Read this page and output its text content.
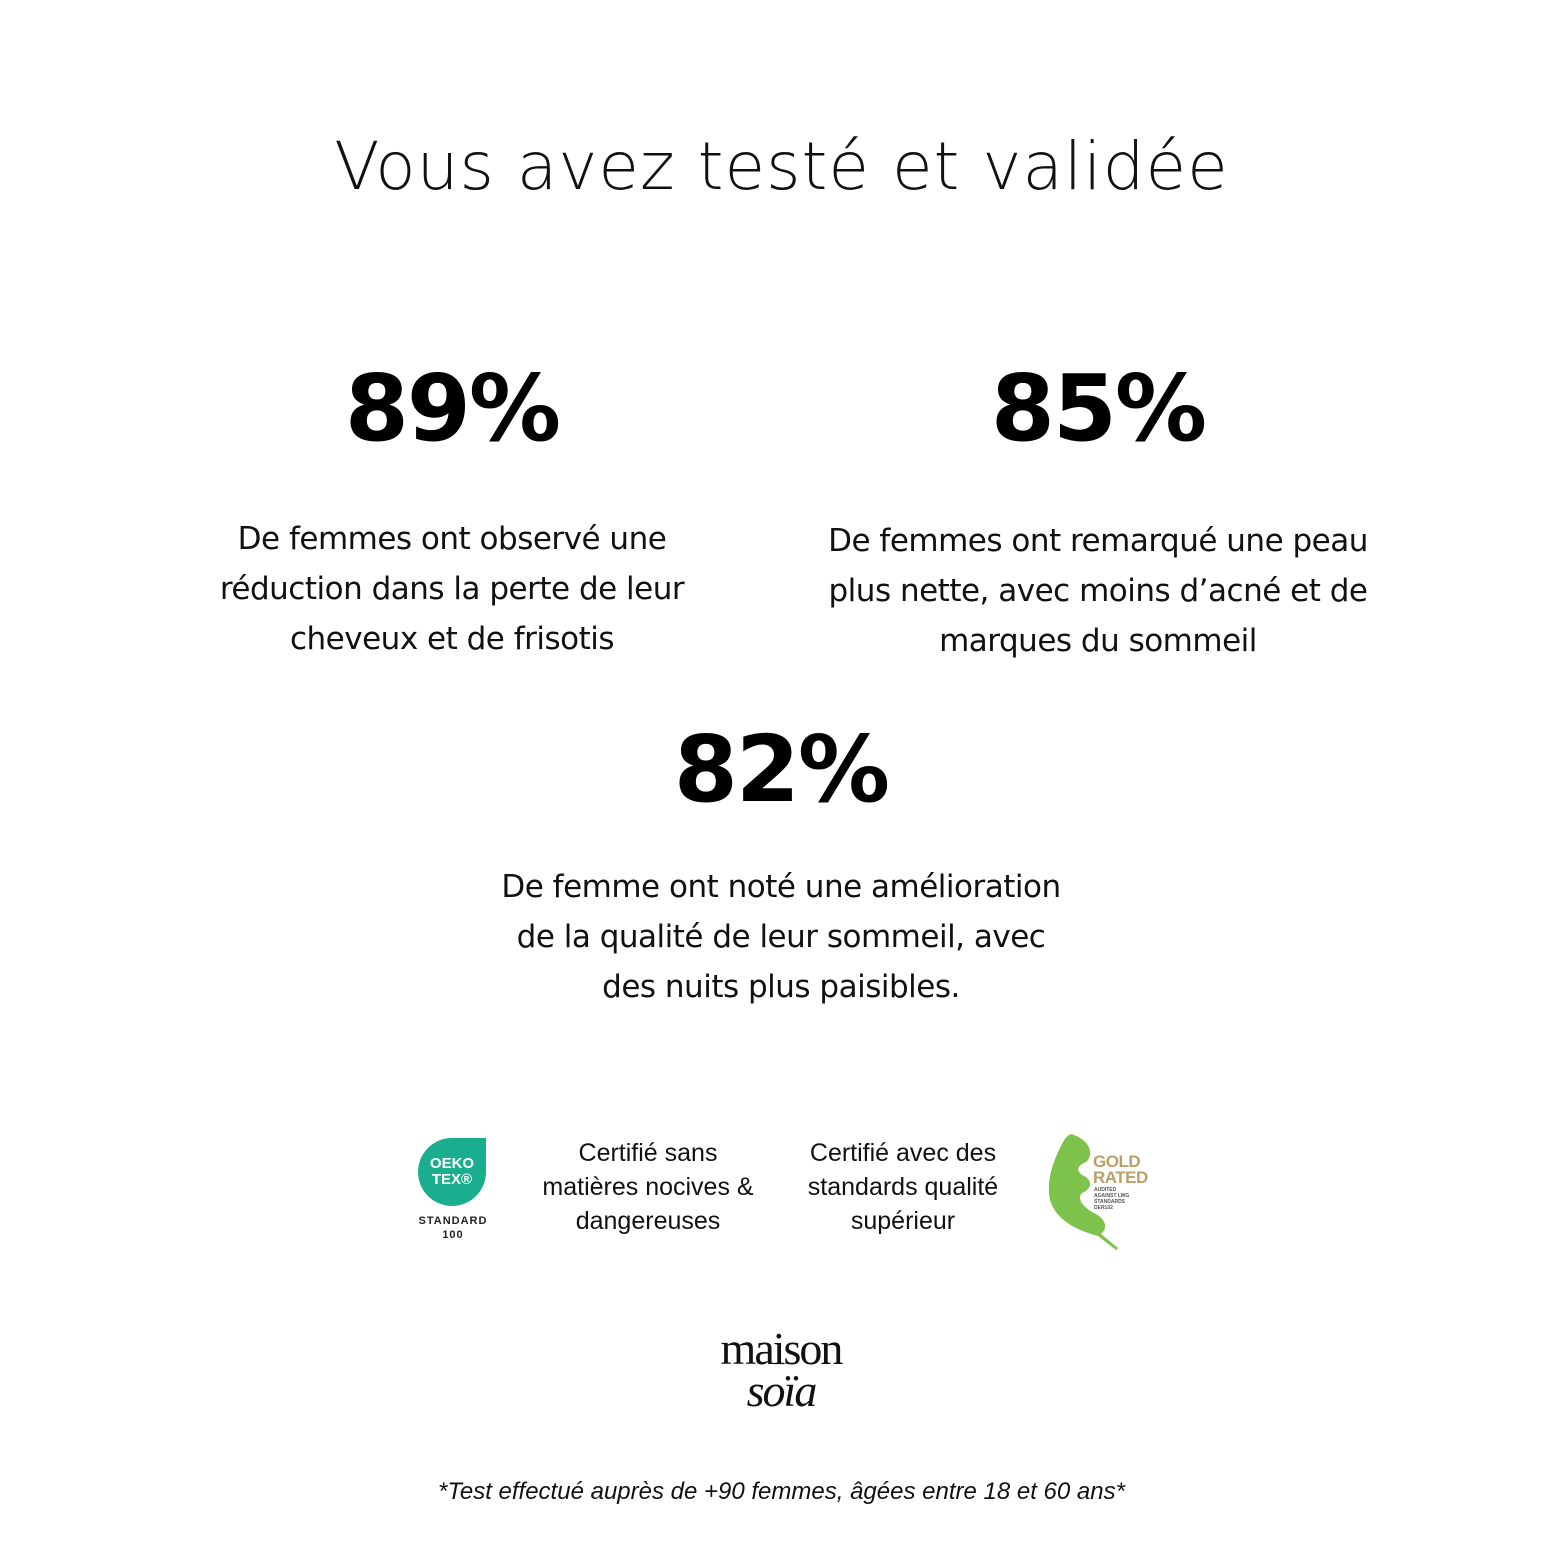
Vous avez testé et validée
89%
De femmes ont observé une
réduction dans la perte de leur
cheveux et de frisotis
85%
De femmes ont remarqué une peau
plus nette, avec moins d’acné et de
marques du sommeil
82%
De femme ont noté une amélioration
de la qualité de leur sommeil, avec
des nuits plus paisibles.
OEKO
TEX®
STANDARD
100
Certifié sans
matières nocives &
dangereuses
Certifié avec des
standards qualité
supérieur
GOLD
RATED
AUDITED AGAINST LWG STANDARDS
DER102
maison
soïa
*Test effectué auprès de +90 femmes, âgées entre 18 et 60 ans*
